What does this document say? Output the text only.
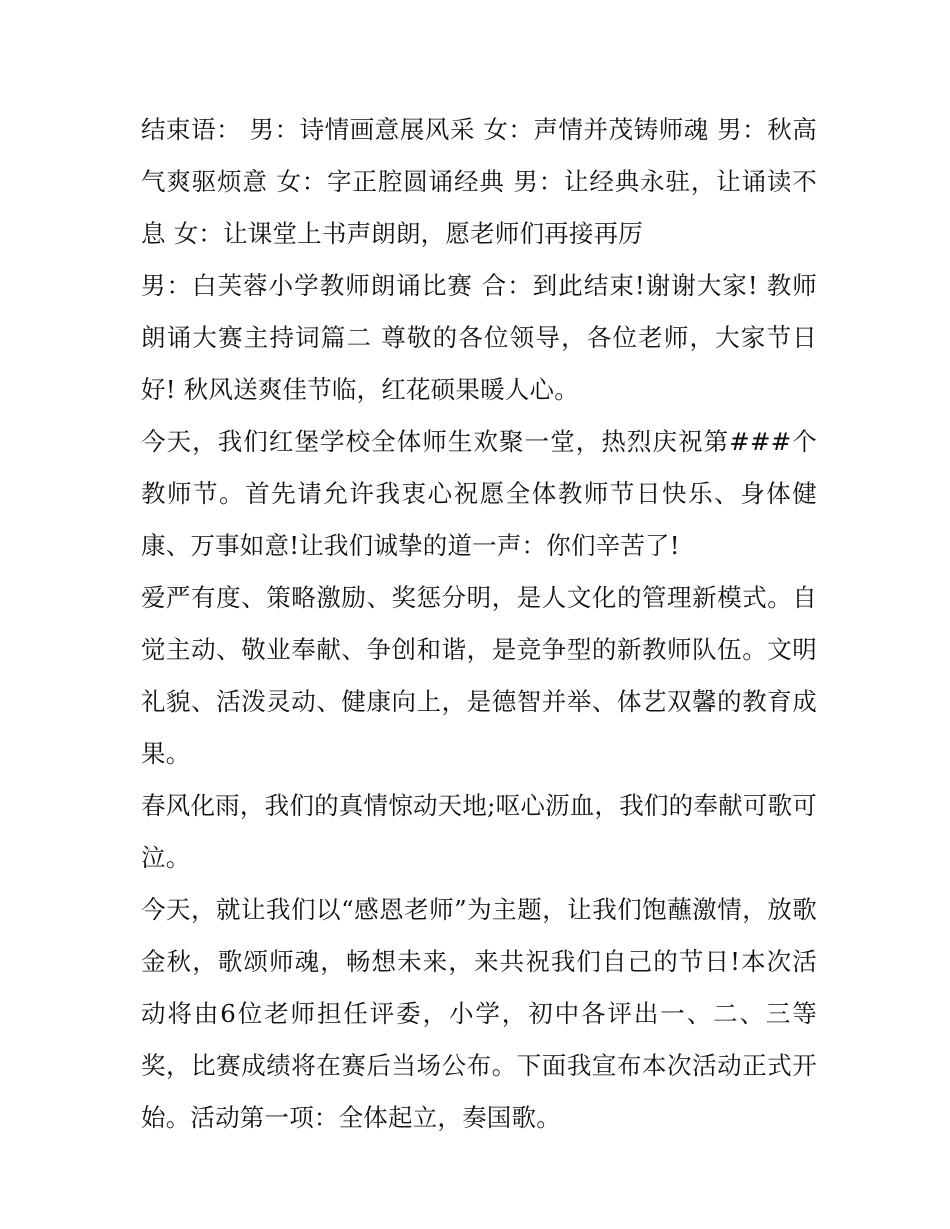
结束语： 男：诗情画意展风采 女：声情并茂铸师魂 男：秋高气爽驱烦意 女：字正腔圆诵经典 男：让经典永驻，让诵读不息 女：让课堂上书声朗朗，愿老师们再接再厉

男：白芙蓉小学教师朗诵比赛 合：到此结束!谢谢大家! 教师朗诵大赛主持词篇二 尊敬的各位领导，各位老师，大家节日好! 秋风送爽佳节临，红花硕果暖人心。

今天，我们红堡学校全体师生欢聚一堂，热烈庆祝第###个教师节。首先请允许我衷心祝愿全体教师节日快乐、身体健康、万事如意!让我们诚挚的道一声：你们辛苦了!

爱严有度、策略激励、奖惩分明，是人文化的管理新模式。自觉主动、敬业奉献、争创和谐，是竞争型的新教师队伍。文明礼貌、活泼灵动、健康向上，是德智并举、体艺双馨的教育成果。

春风化雨，我们的真情惊动天地;呕心沥血，我们的奉献可歌可泣。

今天，就让我们以“感恩老师”为主题，让我们饱蘸激情，放歌金秋，歌颂师魂，畅想未来，来共祝我们自己的节日!本次活动将由6位老师担任评委，小学，初中各评出一、二、三等奖，比赛成绩将在赛后当场公布。下面我宣布本次活动正式开始。活动第一项：全体起立，奏国歌。
